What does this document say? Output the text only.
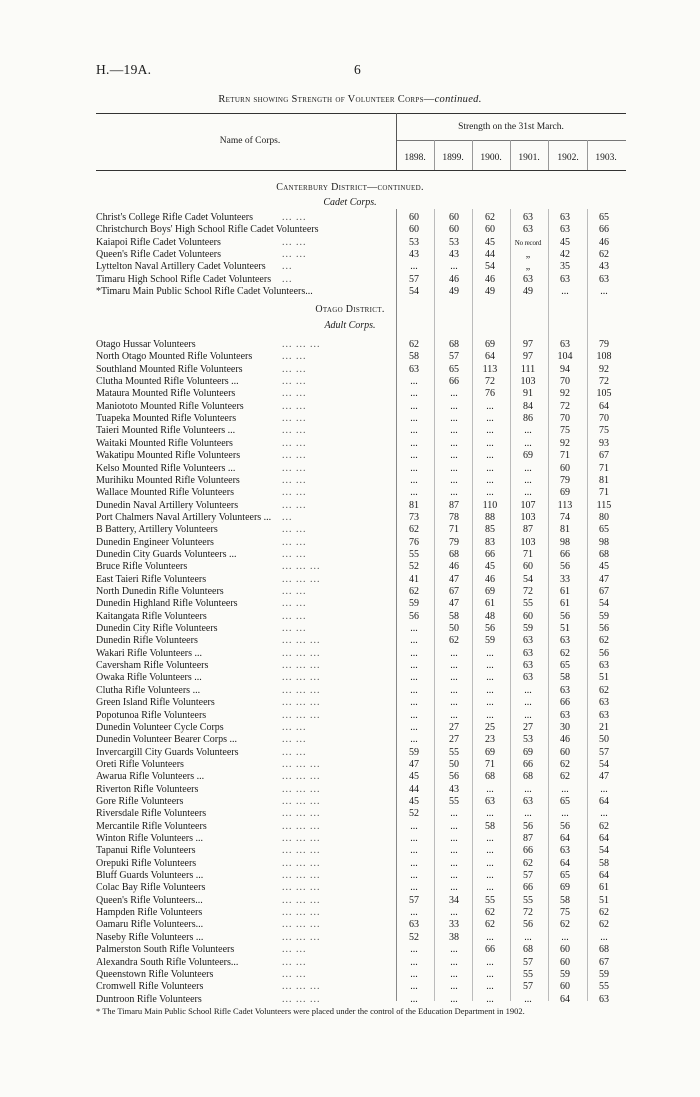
H.—19A.	6
Return showing Strength of Volunteer Corps—continued.
Name of Corps.
Strength on the 31st March.
1898.	1899.	1900.	1901.	1902.	1903.
Canterbury District—continued.
Cadet Corps.
Otago District.
Adult Corps.
Christ's College Rifle Cadet Volunteers	... ...	60	60	62	63	63	65
Christchurch Boys' High School Rifle Cadet Volunteers	60	60	60	63	63	66
Kaiapoi Rifle Cadet Volunteers	... ...	53	53	45	No record	45	46
Queen's Rifle Cadet Volunteers	... ...	43	43	44	„	42	62
Lyttelton Naval Artillery Cadet Volunteers ...	...	...	54	„	35	43
Timaru High School Rifle Cadet Volunteers ...	57	46	46	63	63	63
*Timaru Main Public School Rifle Cadet Volunteers...	54	49	49	49	...	...
Otago Hussar Volunteers	... ... ...	62	68	69	97	63	79
North Otago Mounted Rifle Volunteers	... ...	58	57	64	97	104	108
Southland Mounted Rifle Volunteers	... ...	63	65	113	111	94	92
Clutha Mounted Rifle Volunteers ...	... ...	...	66	72	103	70	72
Mataura Mounted Rifle Volunteers	... ...	...	...	76	91	92	105
Maniototo Mounted Rifle Volunteers	... ...	...	...	...	84	72	64
Tuapeka Mounted Rifle Volunteers	... ...	...	...	...	86	70	70
Taieri Mounted Rifle Volunteers ...	... ...	...	...	...	...	75	75
Waitaki Mounted Rifle Volunteers	... ...	...	...	...	...	92	93
Wakatipu Mounted Rifle Volunteers	... ...	...	...	...	69	71	67
Kelso Mounted Rifle Volunteers ...	... ...	...	...	...	...	60	71
Murihiku Mounted Rifle Volunteers	... ...	...	...	...	...	79	81
Wallace Mounted Rifle Volunteers	... ...	...	...	...	...	69	71
Dunedin Naval Artillery Volunteers	... ...	81	87	110	107	113	115
Port Chalmers Naval Artillery Volunteers ... ...	73	78	88	103	74	80
B Battery, Artillery Volunteers	... ...	62	71	85	87	81	65
Dunedin Engineer Volunteers	... ...	76	79	83	103	98	98
Dunedin City Guards Volunteers ...	... ...	55	68	66	71	66	68
Bruce Rifle Volunteers	... ... ...	52	46	45	60	56	45
East Taieri Rifle Volunteers	... ... ...	41	47	46	54	33	47
North Dunedin Rifle Volunteers	... ...	62	67	69	72	61	67
Dunedin Highland Rifle Volunteers	... ...	59	47	61	55	61	54
Kaitangata Rifle Volunteers	... ...	56	58	48	60	56	59
Dunedin City Rifle Volunteers	... ...	...	50	56	59	51	56
Dunedin Rifle Volunteers	... ... ...	...	62	59	63	63	62
Wakari Rifle Volunteers ...	... ... ...	...	...	...	63	62	56
Caversham Rifle Volunteers	... ... ...	...	...	...	63	65	63
Owaka Rifle Volunteers ...	... ... ...	...	...	...	63	58	51
Clutha Rifle Volunteers ...	... ... ...	...	...	...	...	63	62
Green Island Rifle Volunteers	... ... ...	...	...	...	...	66	63
Popotunoa Rifle Volunteers	... ... ...	...	...	...	...	63	63
Dunedin Volunteer Cycle Corps	... ...	...	27	25	27	30	21
Dunedin Volunteer Bearer Corps ...	... ...	...	27	23	53	46	50
Invercargill City Guards Volunteers	... ...	59	55	69	69	60	57
Oreti Rifle Volunteers	... ... ...	47	50	71	66	62	54
Awarua Rifle Volunteers ...	... ... ...	45	56	68	68	62	47
Riverton Rifle Volunteers	... ... ...	44	43	...	...	...	...
Gore Rifle Volunteers	... ... ...	45	55	63	63	65	64
Riversdale Rifle Volunteers	... ... ...	52	...	...	...	...	...
Mercantile Rifle Volunteers	... ... ...	...	...	58	56	56	62
Winton Rifle Volunteers ...	... ... ...	...	...	...	87	64	64
Tapanui Rifle Volunteers	... ... ...	...	...	...	66	63	54
Orepuki Rifle Volunteers	... ... ...	...	...	...	62	64	58
Bluff Guards Volunteers ...	... ... ...	...	...	...	57	65	64
Colac Bay Rifle Volunteers	... ... ...	...	...	...	66	69	61
Queen's Rifle Volunteers...	... ... ...	57	34	55	55	58	51
Hampden Rifle Volunteers	... ... ...	...	...	62	72	75	62
Oamaru Rifle Volunteers...	... ... ...	63	33	62	56	62	62
Naseby Rifle Volunteers ...	... ... ...	52	38	...	...	...	...
Palmerston South Rifle Volunteers	... ...	...	...	66	68	60	68
Alexandra South Rifle Volunteers...	... ...	...	...	...	57	60	67
Queenstown Rifle Volunteers	... ...	...	...	...	55	59	59
Cromwell Rifle Volunteers	... ... ...	...	...	...	57	60	55
Duntroon Rifle Volunteers	... ... ...	...	...	...	...	64	63
* The Timaru Main Public School Rifle Cadet Volunteers were placed under the control of the Education Department in 1902.
